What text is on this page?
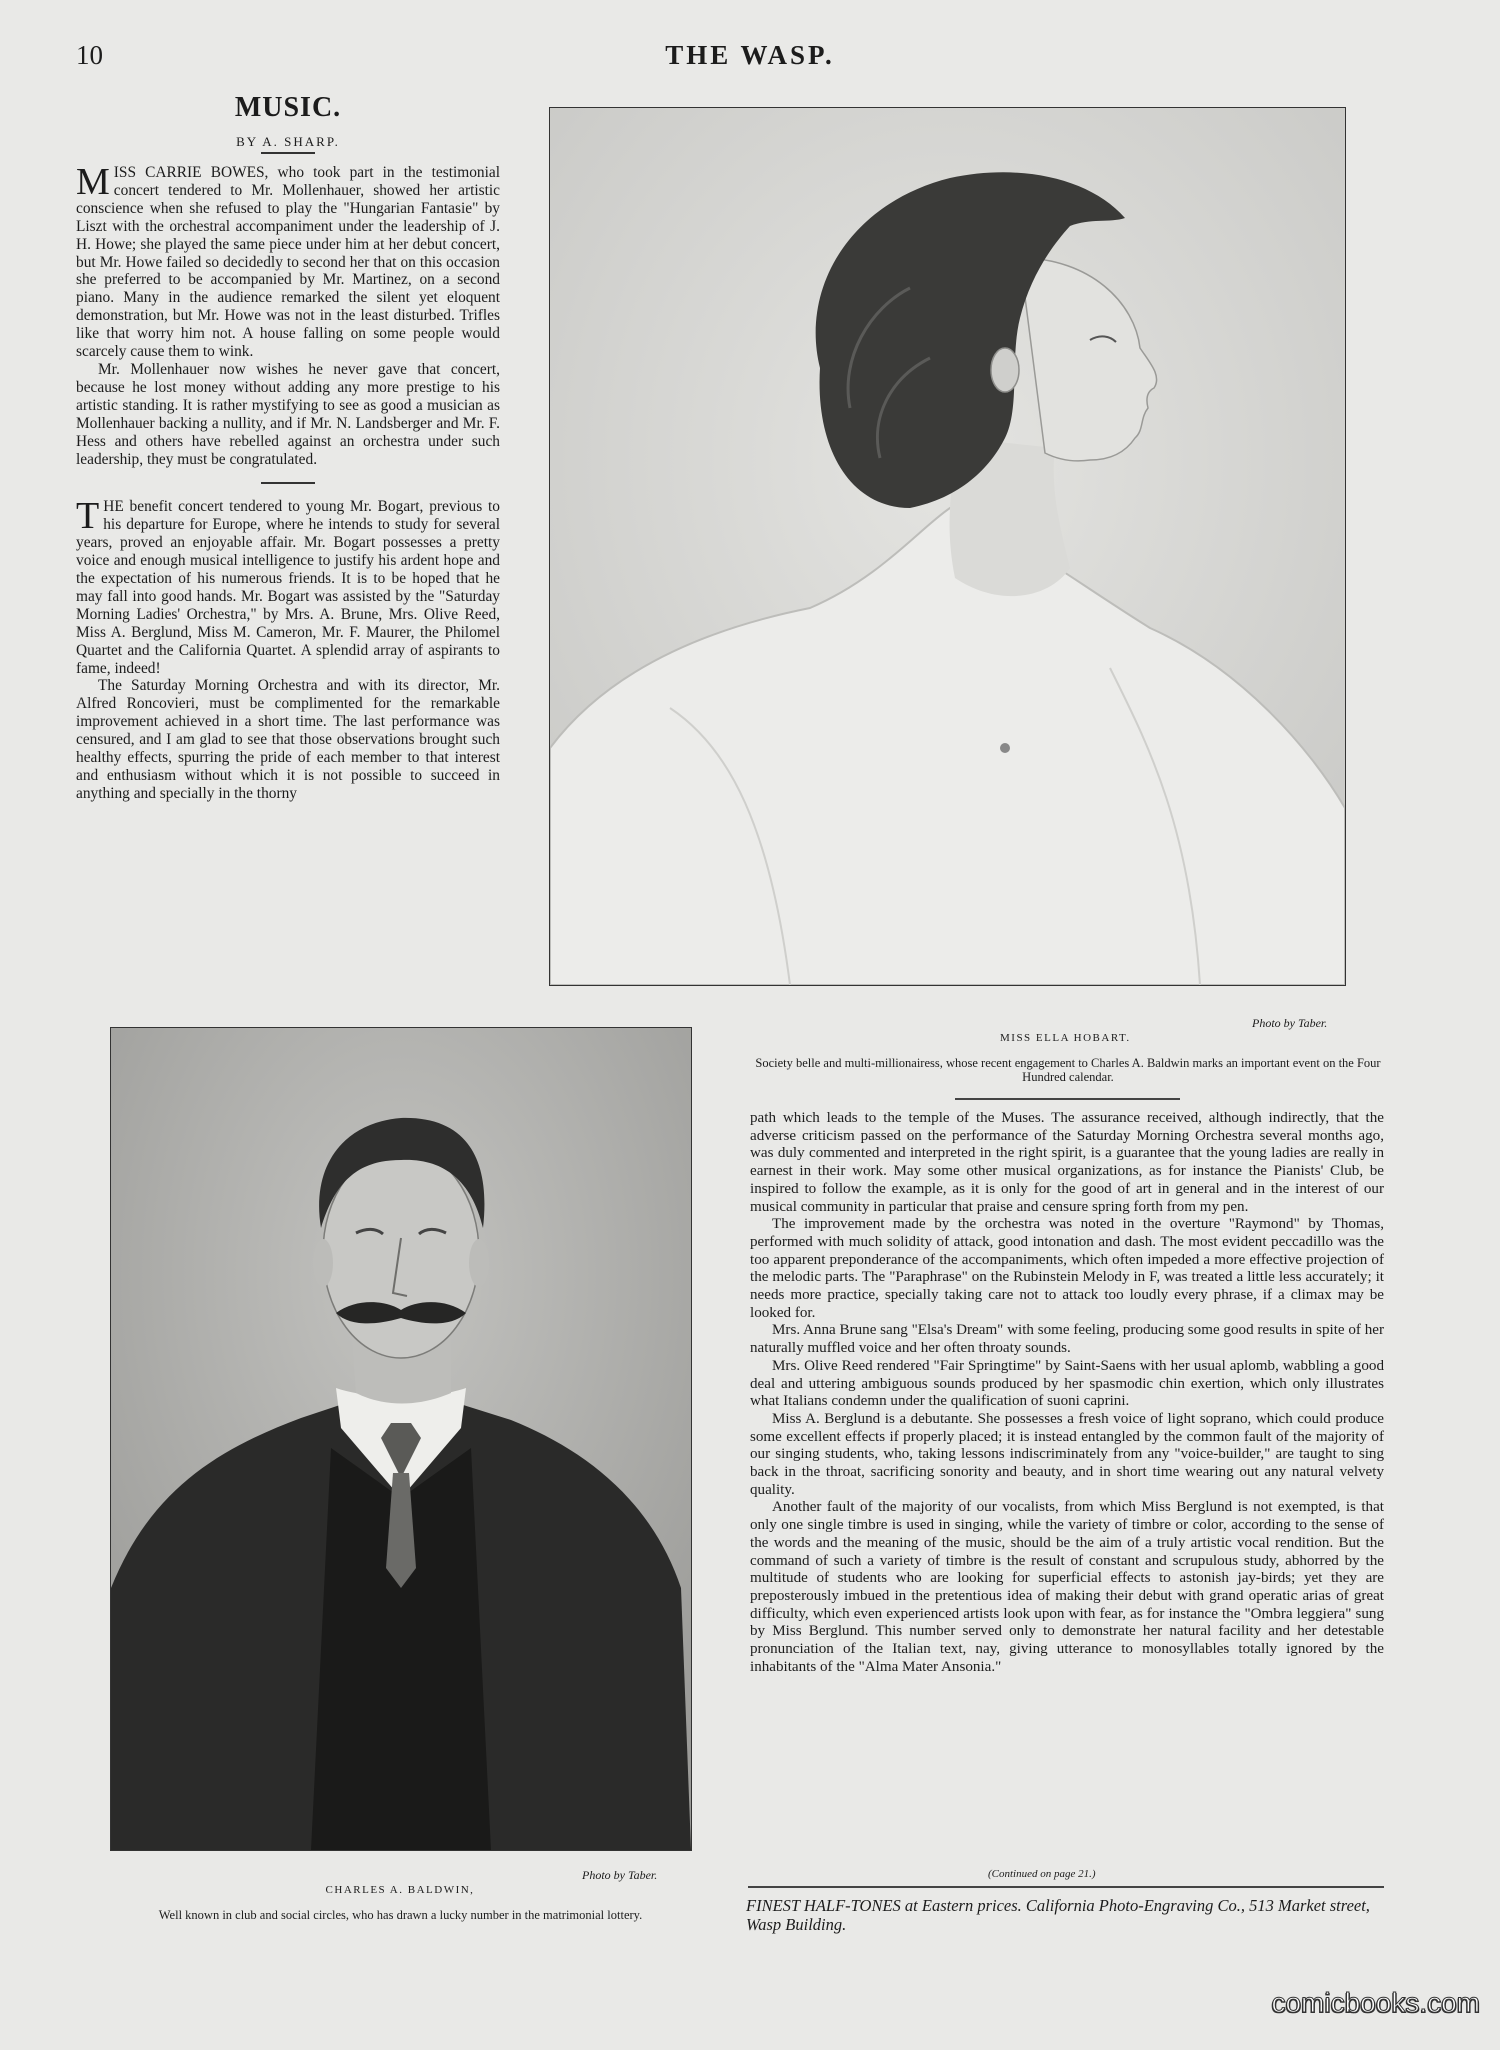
10	THE WASP.
MUSIC.
BY A. SHARP.

MISS CARRIE BOWES, who took part in the testimonial concert tendered to Mr. Mollenhauer, showed her artistic conscience when she refused to play the "Hungarian Fantasie" by Liszt with the orchestral accompaniment under the leadership of J. H. Howe; she played the same piece under him at her debut concert, but Mr. Howe failed so decidedly to second her that on this occasion she preferred to be accompanied by Mr. Martinez, on a second piano. Many in the audience remarked the silent yet eloquent demonstration, but Mr. Howe was not in the least disturbed. Trifles like that worry him not. A house falling on some people would scarcely cause them to wink.

Mr. Mollenhauer now wishes he never gave that concert, because he lost money without adding any more prestige to his artistic standing. It is rather mystifying to see as good a musician as Mollenhauer backing a nullity, and if Mr. N. Landsberger and Mr. F. Hess and others have rebelled against an orchestra under such leadership, they must be congratulated.

THE benefit concert tendered to young Mr. Bogart, previous to his departure for Europe, where he intends to study for several years, proved an enjoyable affair. Mr. Bogart possesses a pretty voice and enough musical intelligence to justify his ardent hope and the expectation of his numerous friends. It is to be hoped that he may fall into good hands. Mr. Bogart was assisted by the "Saturday Morning Ladies' Orchestra," by Mrs. A. Brune, Mrs. Olive Reed, Miss A. Berglund, Miss M. Cameron, Mr. F. Maurer, the Philomel Quartet and the California Quartet. A splendid array of aspirants to fame, indeed!

The Saturday Morning Orchestra and with its director, Mr. Alfred Roncovieri, must be complimented for the remarkable improvement achieved in a short time. The last performance was censured, and I am glad to see that those observations brought such healthy effects, spurring the pride of each member to that interest and enthusiasm without which it is not possible to succeed in anything and specially in the thorny

Photo by Taber.
MISS ELLA HOBART.
Society belle and multi-millionairess, whose recent engagement to Charles A. Baldwin marks an important event on the Four Hundred calendar.
Photo by Taber.
CHARLES A. BALDWIN,
Well known in club and social circles, who has drawn a lucky number in the matrimonial lottery.

path which leads to the temple of the Muses. The assurance received, although indirectly, that the adverse criticism passed on the performance of the Saturday Morning Orchestra several months ago, was duly commented and interpreted in the right spirit, is a guarantee that the young ladies are really in earnest in their work. May some other musical organizations, as for instance the Pianists' Club, be inspired to follow the example, as it is only for the good of art in general and in the interest of our musical community in particular that praise and censure spring forth from my pen.

The improvement made by the orchestra was noted in the overture "Raymond" by Thomas, performed with much solidity of attack, good intonation and dash. The most evident peccadillo was the too apparent preponderance of the accompaniments, which often impeded a more effective projection of the melodic parts. The "Paraphrase" on the Rubinstein Melody in F, was treated a little less accurately; it needs more practice, specially taking care not to attack too loudly every phrase, if a climax may be looked for.

Mrs. Anna Brune sang "Elsa's Dream" with some feeling, producing some good results in spite of her naturally muffled voice and her often throaty sounds.

Mrs. Olive Reed rendered "Fair Springtime" by Saint-Saens with her usual aplomb, wabbling a good deal and uttering ambiguous sounds produced by her spasmodic chin exertion, which only illustrates what Italians condemn under the qualification of suoni caprini.

Miss A. Berglund is a debutante. She possesses a fresh voice of light soprano, which could produce some excellent effects if properly placed; it is instead entangled by the common fault of the majority of our singing students, who, taking lessons indiscriminately from any "voice-builder," are taught to sing back in the throat, sacrificing sonority and beauty, and in short time wearing out any natural velvety quality.

Another fault of the majority of our vocalists, from which Miss Berglund is not exempted, is that only one single timbre is used in singing, while the variety of timbre or color, according to the sense of the words and the meaning of the music, should be the aim of a truly artistic vocal rendition. But the command of such a variety of timbre is the result of constant and scrupulous study, abhorred by the multitude of students who are looking for superficial effects to astonish jay-birds; yet they are preposterously imbued in the pretentious idea of making their debut with grand operatic arias of great difficulty, which even experienced artists look upon with fear, as for instance the "Ombra leggiera" sung by Miss Berglund. This number served only to demonstrate her natural facility and her detestable pronunciation of the Italian text, nay, giving utterance to monosyllables totally ignored by the inhabitants of the "Alma Mater Ansonia."

(Continued on page 21.)
FINEST HALF-TONES at Eastern prices. California Photo-Engraving Co., 513 Market street, Wasp Building.
comicbooks.com
